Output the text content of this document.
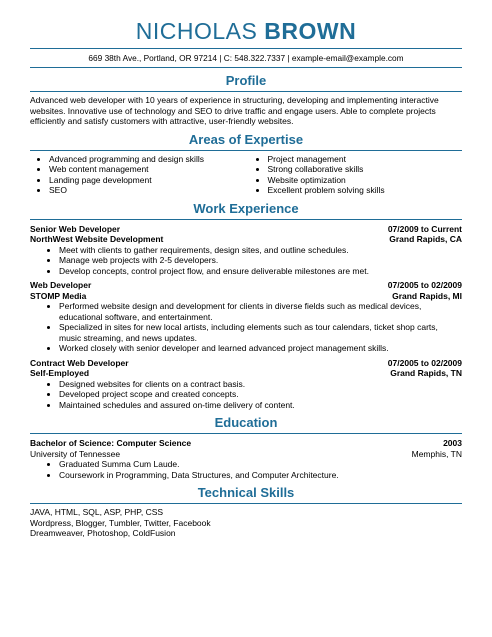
NICHOLAS BROWN
669 38th Ave., Portland, OR 97214 | C: 548.322.7337 | example-email@example.com
Profile
Advanced web developer with 10 years of experience in structuring, developing and implementing interactive websites. Innovative use of technology and SEO to drive traffic and engage users. Able to complete projects efficiently and satisfy customers with attractive, user-friendly websites.
Areas of Expertise
• Advanced programming and design skills
• Web content management
• Landing page development
• SEO
• Project management
• Strong collaborative skills
• Website optimization
• Excellent problem solving skills
Work Experience
Senior Web Developer	07/2009 to Current
NorthWest Website Development	Grand Rapids, CA
• Meet with clients to gather requirements, design sites, and outline schedules.
• Manage web projects with 2-5 developers.
• Develop concepts, control project flow, and ensure deliverable milestones are met.
Web Developer	07/2005 to 02/2009
STOMP Media	Grand Rapids, MI
• Performed website design and development for clients in diverse fields such as medical devices, educational software, and entertainment.
• Specialized in sites for new local artists, including elements such as tour calendars, ticket shop carts, music streaming, and news updates.
• Worked closely with senior developer and learned advanced project management skills.
Contract Web Developer	07/2005 to 02/2009
Self-Employed	Grand Rapids, TN
• Designed websites for clients on a contract basis.
• Developed project scope and created concepts.
• Maintained schedules and assured on-time delivery of content.
Education
Bachelor of Science: Computer Science	2003
University of Tennessee	Memphis, TN
• Graduated Summa Cum Laude.
• Coursework in Programming, Data Structures, and Computer Architecture.
Technical Skills
JAVA, HTML, SQL, ASP, PHP, CSS
Wordpress, Blogger, Tumbler, Twitter, Facebook
Dreamweaver, Photoshop, ColdFusion
